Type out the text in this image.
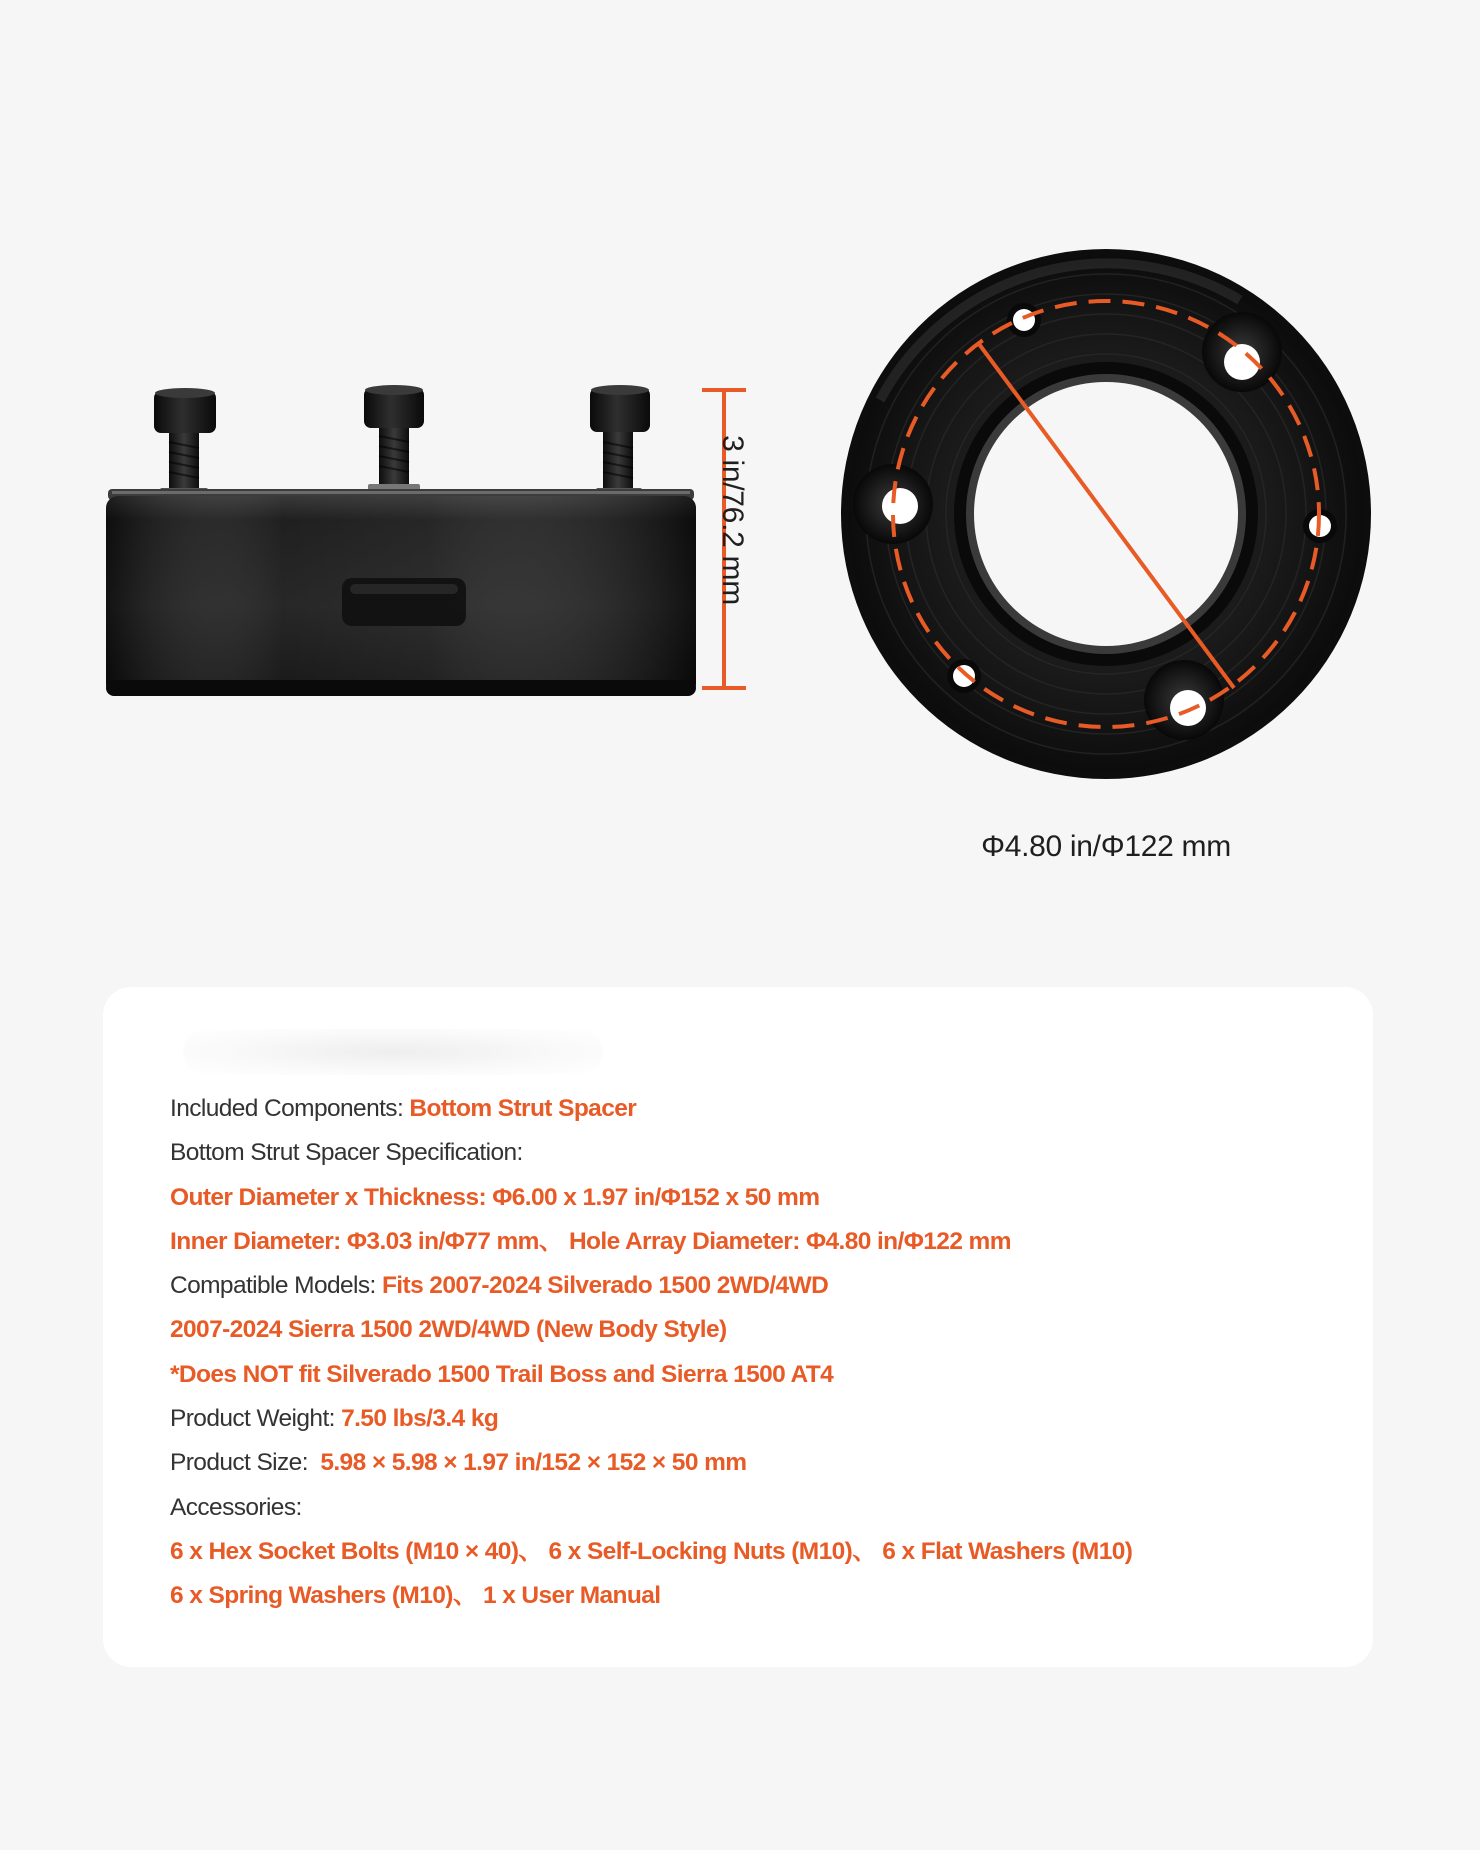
3 in/76.2 mm
Φ4.80 in/Φ122 mm
Included Components: Bottom Strut Spacer
Bottom Strut Spacer Specification:
Outer Diameter x Thickness: Φ6.00 x 1.97 in/Φ152 x 50 mm
Inner Diameter: Φ3.03 in/Φ77 mm、 Hole Array Diameter: Φ4.80 in/Φ122 mm
Compatible Models: Fits 2007-2024 Silverado 1500 2WD/4WD
2007-2024 Sierra 1500 2WD/4WD (New Body Style)
*Does NOT fit Silverado 1500 Trail Boss and Sierra 1500 AT4
Product Weight: 7.50 lbs/3.4 kg
Product Size:  5.98 × 5.98 × 1.97 in/152 × 152 × 50 mm
Accessories:
6 x Hex Socket Bolts (M10 × 40)、 6 x Self-Locking Nuts (M10)、 6 x Flat Washers (M10)
6 x Spring Washers (M10)、 1 x User Manual
